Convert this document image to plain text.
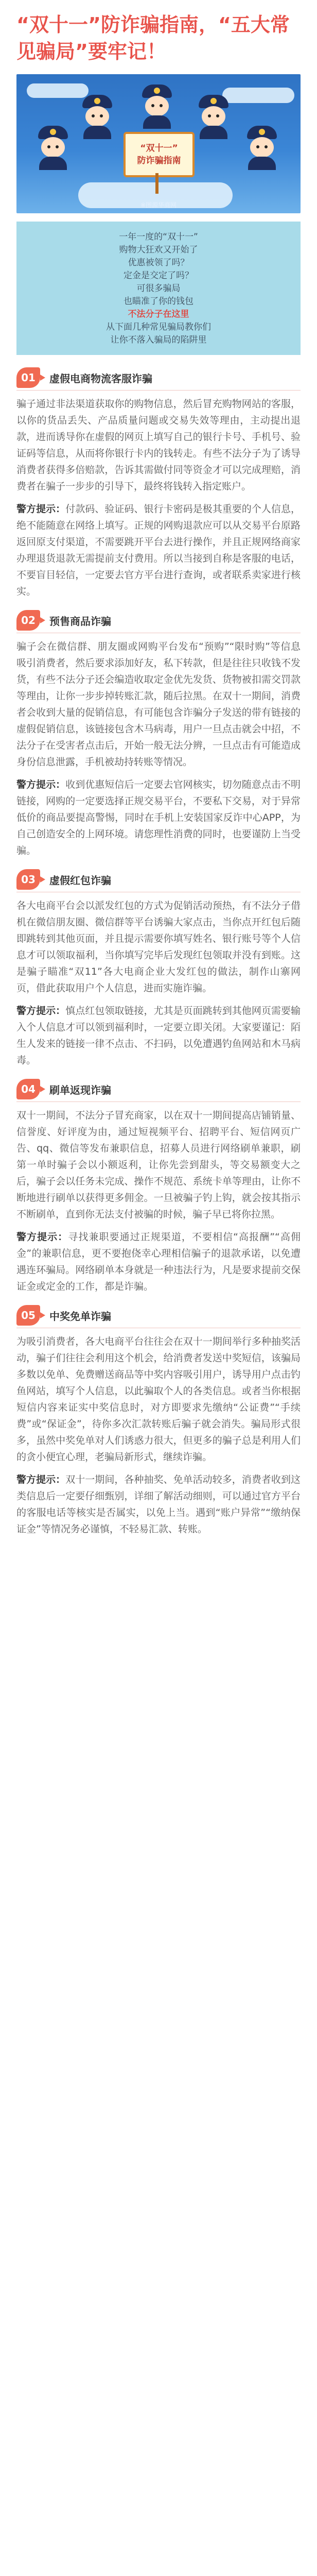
“双十一”防诈骗指南，“五大常见骗局”要牢记！
“双十一”
防诈骗指南
※图源华商网
一年一度的“双十一”
购物大狂欢又开始了
优惠被领了吗？
定金是交定了吗？
可很多骗局
也瞄准了你的钱包
不法分子在这里
从下面几种常见骗局教你们
让你不落入骗局的陷阱里
01	虚假电商物流客服诈骗

骗子通过非法渠道获取你的购物信息，然后冒充购物网站的客服，以你的货品丢失、产品质量问题或交易失效等理由，主动提出退款，进而诱导你在虚假的网页上填写自己的银行卡号、手机号、验证码等信息，从而将你银行卡内的钱转走。有些不法分子为了诱导消费者获得多倍赔款，告诉其需做付同等资金才可以完成理赔，消费者在骗子一步步的引导下，最终将钱转入指定账户。

警方提示：付款码、验证码、银行卡密码是极其重要的个人信息，绝不能随意在网络上填写。正规的网购退款应可以从交易平台原路返回原支付渠道，不需要跳开平台去进行操作，并且正规网络商家办理退货退款无需提前支付费用。所以当接到自称是客服的电话，不要盲目轻信，一定要去官方平台进行查询，或者联系卖家进行核实。

02	预售商品诈骗

骗子会在微信群、朋友圈或网购平台发布“预购”“限时购”等信息吸引消费者，然后要求添加好友，私下转款，但是往往只收钱不发货，有些不法分子还会编造收取定金优先发货、货物被扣需交罚款等理由，让你一步步掉转账汇款，随后拉黑。在双十一期间，消费者会收到大量的促销信息，有可能包含诈骗分子发送的带有链接的虚假促销信息，该链接包含木马病毒，用户一旦点击就会中招，不法分子在受害者点击后，开始一般无法分辨，一旦点击有可能造成身份信息泄露，手机被劫持转账等情况。

警方提示：收到优惠短信后一定要去官网核实，切勿随意点击不明链接，网购的一定要选择正规交易平台，不要私下交易，对于异常低价的商品要提高警惕，同时在手机上安装国家反诈中心APP，为自己创造安全的上网环境。请您理性消费的同时，也要谨防上当受骗。

03	虚假红包诈骗

各大电商平台会以派发红包的方式为促销活动预热，有不法分子借机在微信朋友圈、微信群等平台诱骗大家点击，当你点开红包后随即跳转到其他页面，并且提示需要你填写姓名、银行账号等个人信息才可以领取福利，当你填写完毕后发现红包领取并没有到账。这是骗子瞄准“双11”各大电商企业大发红包的做法，制作山寨网页，借此获取用户个人信息，进而实施诈骗。

警方提示：慎点红包领取链接，尤其是页面跳转到其他网页需要输入个人信息才可以领到福利时，一定要立即关闭。大家要谨记：陌生人发来的链接一律不点击、不扫码，以免遭遇钓鱼网站和木马病毒。

04	刷单返现诈骗

双十一期间，不法分子冒充商家，以在双十一期间提高店铺销量、信誉度、好评度为由，通过短视频平台、招聘平台、短信网页广告、qq、微信等发布兼职信息，招募人员进行网络刷单兼职，刷第一单时骗子会以小额返利，让你先尝到甜头，等交易额变大之后，骗子会以任务未完成、操作不规范、系统卡单等理由，让你不断地进行刷单以获得更多佣金。一旦被骗子钓上钩，就会按其指示不断刷单，直到你无法支付被骗的时候，骗子早已将你拉黑。

警方提示：寻找兼职要通过正规渠道，不要相信“高报酬”“高佣金”的兼职信息，更不要抱侥幸心理相信骗子的退款承诺，以免遭遇连环骗局。网络刷单本身就是一种违法行为，凡是要求提前交保证金或定金的工作，都是诈骗。

05	中奖免单诈骗

为吸引消费者，各大电商平台往往会在双十一期间举行多种抽奖活动，骗子们往往会利用这个机会，给消费者发送中奖短信，该骗局多数以免单、免费赠送商品等中奖内容吸引用户，诱导用户点击钓鱼网站，填写个人信息，以此骗取个人的各类信息。或者当你根据短信内容来证实中奖信息时，对方即要求先缴纳“公证费”“手续费”或“保证金”，待你多次汇款转账后骗子就会消失。骗局形式很多，虽然中奖免单对人们诱惑力很大，但更多的骗子总是利用人们的贪小便宜心理，老骗局新形式，继续诈骗。

警方提示：双十一期间，各种抽奖、免单活动较多，消费者收到这类信息后一定要仔细甄别，详细了解活动细则，可以通过官方平台的客服电话等核实是否属实，以免上当。遇到“账户异常”“缴纳保证金”等情况务必谨慎，不轻易汇款、转账。
